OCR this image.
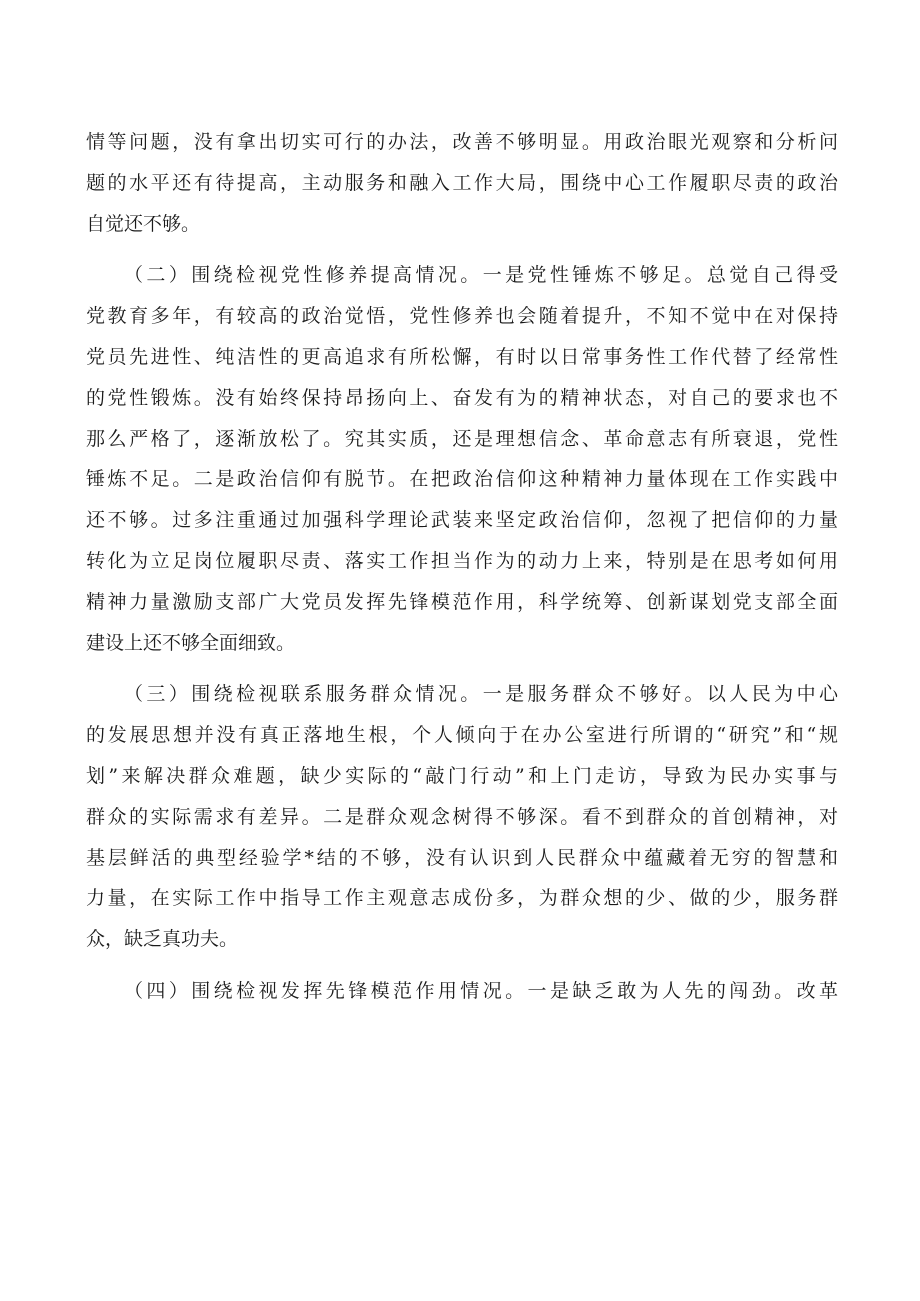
情等问题，没有拿出切实可行的办法，改善不够明显。用政治眼光观察和分析问
题的水平还有待提高，主动服务和融入工作大局，围绕中心工作履职尽责的政治
自觉还不够。
（二）围绕检视党性修养提高情况。一是党性锤炼不够足。总觉自己得受
党教育多年，有较高的政治觉悟，党性修养也会随着提升，不知不觉中在对保持
党员先进性、纯洁性的更高追求有所松懈，有时以日常事务性工作代替了经常性
的党性锻炼。没有始终保持昂扬向上、奋发有为的精神状态，对自己的要求也不
那么严格了，逐渐放松了。究其实质，还是理想信念、革命意志有所衰退，党性
锤炼不足。二是政治信仰有脱节。在把政治信仰这种精神力量体现在工作实践中
还不够。过多注重通过加强科学理论武装来坚定政治信仰，忽视了把信仰的力量
转化为立足岗位履职尽责、落实工作担当作为的动力上来，特别是在思考如何用
精神力量激励支部广大党员发挥先锋模范作用，科学统筹、创新谋划党支部全面
建设上还不够全面细致。
（三）围绕检视联系服务群众情况。一是服务群众不够好。以人民为中心
的发展思想并没有真正落地生根，个人倾向于在办公室进行所谓的“研究”和“规
划”来解决群众难题，缺少实际的“敲门行动”和上门走访，导致为民办实事与
群众的实际需求有差异。二是群众观念树得不够深。看不到群众的首创精神，对
基层鲜活的典型经验学*结的不够，没有认识到人民群众中蕴藏着无穷的智慧和
力量，在实际工作中指导工作主观意志成份多，为群众想的少、做的少，服务群
众，缺乏真功夫。
（四）围绕检视发挥先锋模范作用情况。一是缺乏敢为人先的闯劲。改革
